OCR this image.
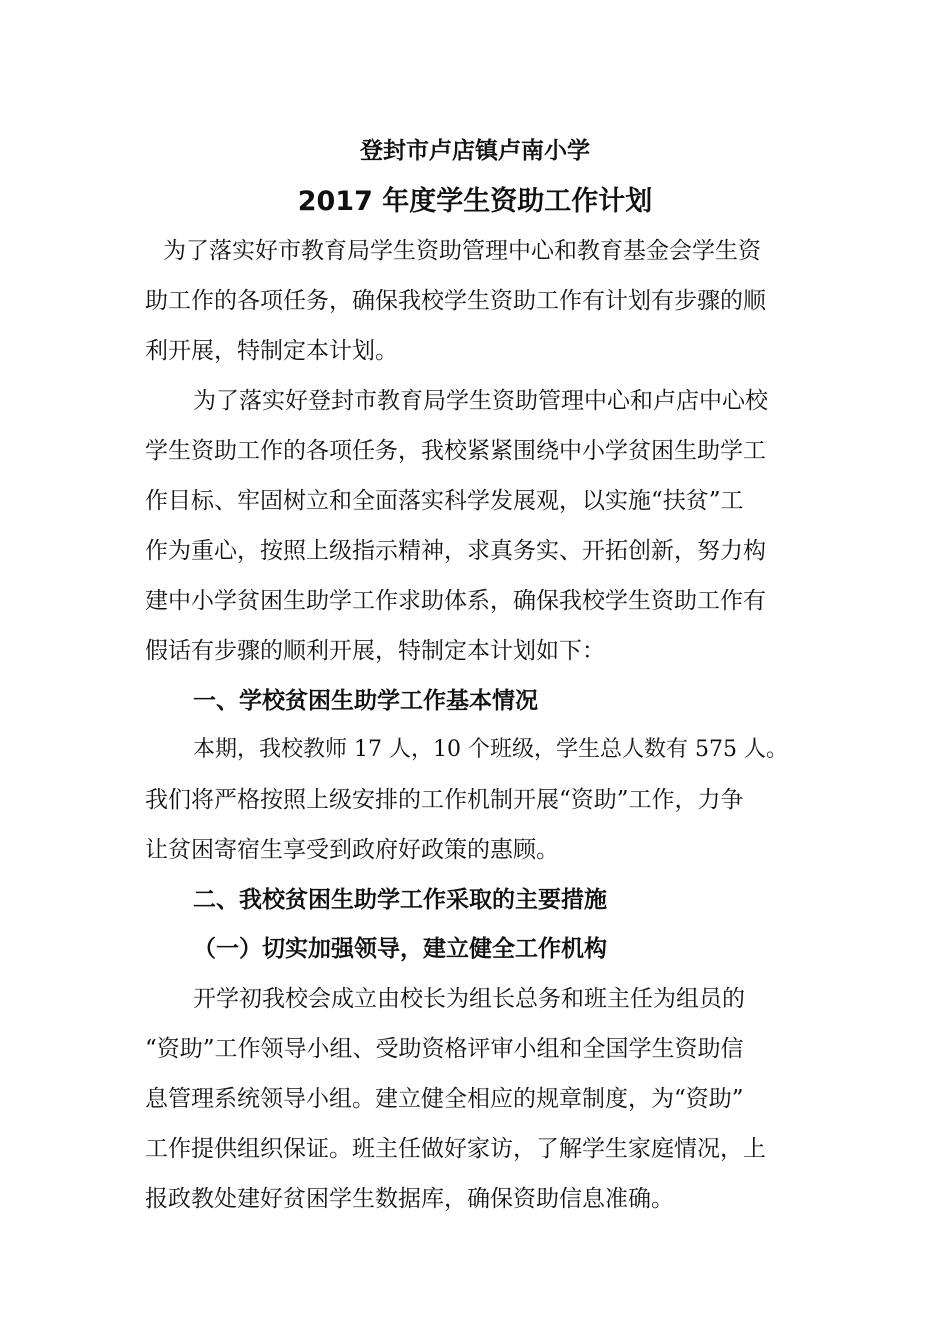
登封市卢店镇卢南小学
2017 年度学生资助工作计划
为了落实好市教育局学生资助管理中心和教育基金会学生资
助工作的各项任务，确保我校学生资助工作有计划有步骤的顺
利开展，特制定本计划。
为了落实好登封市教育局学生资助管理中心和卢店中心校
学生资助工作的各项任务，我校紧紧围绕中小学贫困生助学工
作目标、牢固树立和全面落实科学发展观，以实施“扶贫”工
作为重心，按照上级指示精神，求真务实、开拓创新，努力构
建中小学贫困生助学工作求助体系，确保我校学生资助工作有
假话有步骤的顺利开展，特制定本计划如下：
一、学校贫困生助学工作基本情况
本期，我校教师 17 人，10 个班级，学生总人数有 575 人。
我们将严格按照上级安排的工作机制开展“资助”工作，力争
让贫困寄宿生享受到政府好政策的惠顾。
二、我校贫困生助学工作采取的主要措施
（一）切实加强领导，建立健全工作机构
开学初我校会成立由校长为组长总务和班主任为组员的
“资助”工作领导小组、受助资格评审小组和全国学生资助信
息管理系统领导小组。建立健全相应的规章制度，为“资助”
工作提供组织保证。班主任做好家访，了解学生家庭情况，上
报政教处建好贫困学生数据库，确保资助信息准确。
